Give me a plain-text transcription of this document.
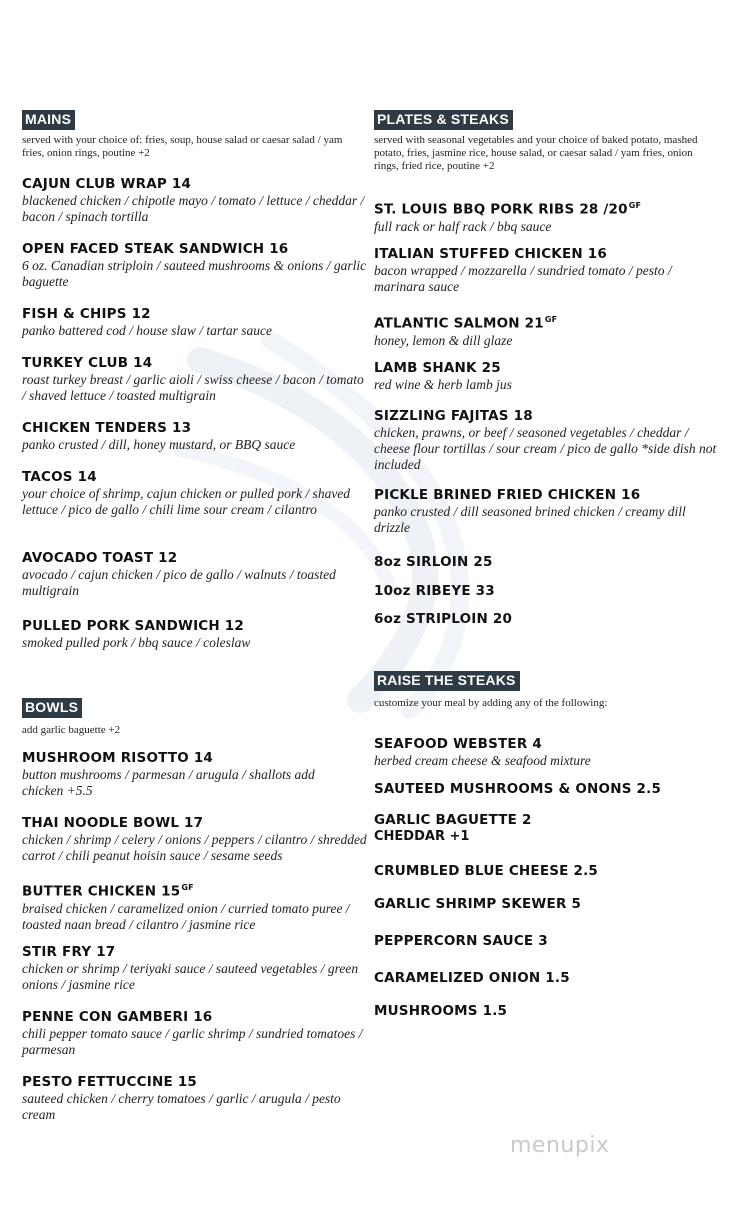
MAINS
served with your choice of: fries, soup, house salad or caesar salad / yam fries, onion rings, poutine +2
CAJUN CLUB WRAP 14
blackened chicken / chipotle mayo / tomato / lettuce / cheddar / bacon / spinach tortilla
OPEN FACED STEAK SANDWICH 16
6 oz. Canadian striploin / sauteed mushrooms & onions / garlic baguette
FISH & CHIPS 12
panko battered cod / house slaw / tartar sauce
TURKEY CLUB 14
roast turkey breast / garlic aioli / swiss cheese / bacon / tomato / shaved lettuce / toasted multigrain
CHICKEN TENDERS 13
panko crusted / dill, honey mustard, or BBQ sauce
TACOS 14
your choice of shrimp, cajun chicken or pulled pork / shaved lettuce / pico de gallo / chili lime sour cream / cilantro
AVOCADO TOAST 12
avocado / cajun chicken / pico de gallo / walnuts / toasted multigrain
PULLED PORK SANDWICH 12
smoked pulled pork / bbq sauce / coleslaw
BOWLS
add garlic baguette +2
MUSHROOM RISOTTO 14
button mushrooms / parmesan / arugula / shallots add chicken +5.5
THAI NOODLE BOWL 17
chicken / shrimp / celery / onions / peppers / cilantro / shredded carrot / chili peanut hoisin sauce / sesame seeds
BUTTER CHICKEN $15^{GF}$
braised chicken / caramelized onion / curried tomato puree / toasted naan bread / cilantro / jasmine rice
STIR FRY 17
chicken or shrimp / teriyaki sauce / sauteed vegetables / green onions / jasmine rice
PENNE CON GAMBERI 16
chili pepper tomato sauce / garlic shrimp / sundried tomatoes / parmesan
PESTO FETTUCCINE 15
sauteed chicken / cherry tomatoes / garlic / arugula / pesto cream
PLATES & STEAKS
served with seasonal vegetables and your choice of baked potato, mashed potato, fries, jasmine rice, house salad, or caesar salad / yam fries, onion rings, fried rice, poutine +2
ST. LOUIS BBQ PORK RIBS 28 $/20^{GF}$
full rack or half rack / bbq sauce
ITALIAN STUFFED CHICKEN 16
bacon wrapped / mozzarella / sundried tomato / pesto / marinara sauce
ATLANTIC SALMON $21^{GF}$
honey, lemon & dill glaze
LAMB SHANK 25
red wine & herb lamb jus
SIZZLING FAJITAS 18
chicken, prawns, or beef / seasoned vegetables / cheddar / cheese flour tortillas / sour cream / pico de gallo *side dish not included
PICKLE BRINED FRIED CHICKEN 16
panko crusted / dill seasoned brined chicken / creamy dill drizzle
8oz SIRLOIN 25
10oz RIBEYE 33
6oz STRIPLOIN 20
RAISE THE STEAKS
customize your meal by adding any of the following:
SEAFOOD WEBSTER 4
herbed cream cheese & seafood mixture
SAUTEED MUSHROOMS & ONONS 2.5
GARLIC BAGUETTE 2
CHEDDAR +1
CRUMBLED BLUE CHEESE 2.5
GARLIC SHRIMP SKEWER 5
PEPPERCORN SAUCE 3
CARAMELIZED ONION 1.5
MUSHROOMS 1.5
menupix
